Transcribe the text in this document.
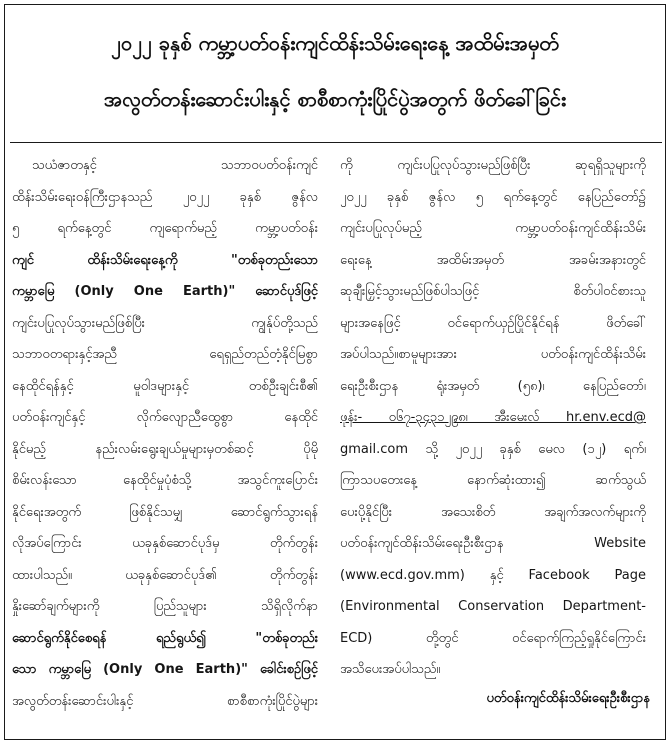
၂၀၂၂ ခုနှစ် ကမ္ဘာ့ပတ်ဝန်းကျင်ထိန်းသိမ်းရေးနေ့ အထိမ်းအမှတ်
အလွတ်တန်းဆောင်းပါးနှင့် စာစီစာကုံးပြိုင်ပွဲအတွက် ဖိတ်ခေါ်ခြင်း
သယံဇာတနှင့် သဘာဝပတ်ဝန်းကျင်
ထိန်းသိမ်းရေးဝန်ကြီးဌာနသည် ၂၀၂၂ ခုနှစ် ဇွန်လ
၅ ရက်နေ့တွင် ကျရောက်မည့် ကမ္ဘာ့ပတ်ဝန်း
ကျင် ထိန်းသိမ်းရေးနေ့ကို "တစ်ခုတည်းသော
ကမ္ဘာမြေ (Only One Earth)" ဆောင်ပုဒ်ဖြင့်
ကျင်းပပြုလုပ်သွားမည်ဖြစ်ပြီး ကျွန်ုပ်တို့သည်
သဘာဝတရားနှင့်အညီ ရေရှည်တည်တံ့နိုင်မြစွာ
နေထိုင်ရန်နှင့် မူဝါဒများနှင့် တစ်ဦးချင်းစီ၏
ပတ်ဝန်းကျင်နှင့် လိုက်လျောညီထွေစွာ နေထိုင်
နိုင်မည့် နည်းလမ်းရွေးချယ်မှုများမှတစ်ဆင့် ပိုမို
စိမ်းလန်းသော နေထိုင်မှုပုံစံသို့ အသွင်ကူးပြောင်း
နိုင်ရေးအတွက် ဖြစ်နိုင်သမျှ ဆောင်ရွက်သွားရန်
လိုအပ်ကြောင်း ယခုနှစ်ဆောင်ပုဒ်မှ တိုက်တွန်း
ထားပါသည်။ ယခုနှစ်ဆောင်ပုဒ်၏ တိုက်တွန်း
နှိုးဆော်ချက်များကို ပြည်သူများ သိရှိလိုက်နာ
ဆောင်ရွက်နိုင်စေရန် ရည်ရွယ်၍ "တစ်ခုတည်း
သော ကမ္ဘာမြေ (Only One Earth)" ခေါင်းစဉ်ဖြင့်
အလွတ်တန်းဆောင်းပါးနှင့် စာစီစာကုံးပြိုင်ပွဲများ
ကို ကျင်းပပြုလုပ်သွားမည်ဖြစ်ပြီး ဆုရရှိသူများကို
၂၀၂၂ ခုနှစ် ဇွန်လ ၅ ရက်နေ့တွင် နေပြည်တော်၌
ကျင်းပပြုလုပ်မည့် ကမ္ဘာ့ပတ်ဝန်းကျင်ထိန်းသိမ်း
ရေးနေ့ အထိမ်းအမှတ် အခမ်းအနားတွင်
ဆုချီးမြှင့်သွားမည်ဖြစ်ပါသဖြင့် စိတ်ပါဝင်စားသူ
များအနေဖြင့် ဝင်ရောက်ယှဉ်ပြိုင်နိုင်ရန် ဖိတ်ခေါ်
အပ်ပါသည်။စာမူများအား ပတ်ဝန်းကျင်ထိန်းသိမ်း
ရေးဦးစီးဌာန ရုံးအမှတ် (၅၈)၊ နေပြည်တော်၊
ဖုန်း- ၀၆၇-၃၄၃၁၂၉၈၊ အီးမေးလ် hr.env.ecd@
gmail.com သို့ ၂၀၂၂ ခုနှစ် မေလ (၁၂) ရက်၊
ကြာသပတေးနေ့ နောက်ဆုံးထား၍ ဆက်သွယ်
ပေးပို့နိုင်ပြီး အသေးစိတ် အချက်အလက်များကို
ပတ်ဝန်းကျင်ထိန်းသိမ်းရေးဦးစီးဌာန Website
(www.ecd.gov.mm) နှင့် Facebook Page
(Environmental Conservation Department-
ECD) တို့တွင် ဝင်ရောက်ကြည့်ရှုနိုင်ကြောင်း
အသိပေးအပ်ပါသည်။
ပတ်ဝန်းကျင်ထိန်းသိမ်းရေးဦးစီးဌာန
